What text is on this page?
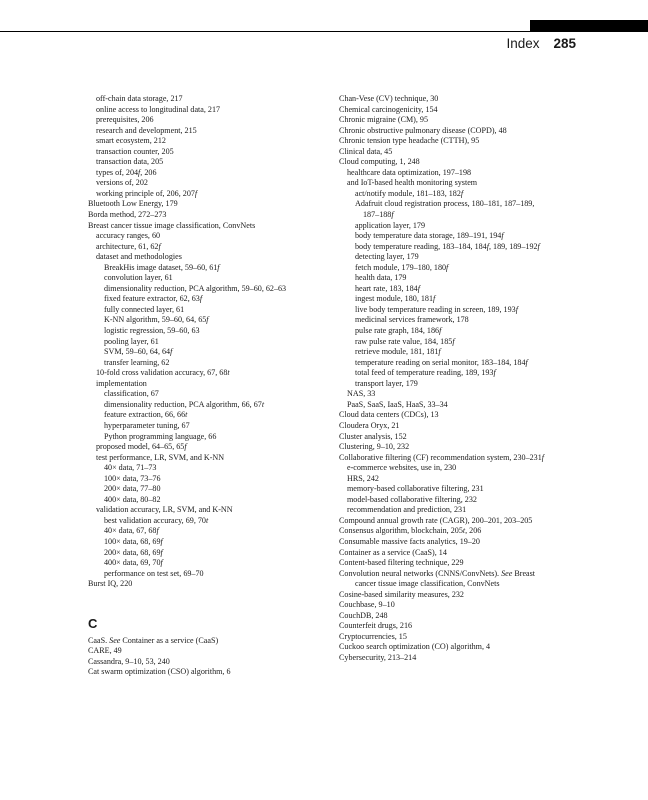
Index 285
off-chain data storage, 217
online access to longitudinal data, 217
prerequisites, 206
research and development, 215
smart ecosystem, 212
transaction counter, 205
transaction data, 205
types of, 204f, 206
versions of, 202
working principle of, 206, 207f
Bluetooth Low Energy, 179
Borda method, 272–273
Breast cancer tissue image classification, ConvNets
accuracy ranges, 60
architecture, 61, 62f
dataset and methodologies
BreakHis image dataset, 59–60, 61f
convolution layer, 61
dimensionality reduction, PCA algorithm, 59–60, 62–63
fixed feature extractor, 62, 63f
fully connected layer, 61
K-NN algorithm, 59–60, 64, 65f
logistic regression, 59–60, 63
pooling layer, 61
SVM, 59–60, 64, 64f
transfer learning, 62
10-fold cross validation accuracy, 67, 68t
implementation
classification, 67
dimensionality reduction, PCA algorithm, 66, 67t
feature extraction, 66, 66t
hyperparameter tuning, 67
Python programming language, 66
proposed model, 64–65, 65f
test performance, LR, SVM, and K-NN
40× data, 71–73
100× data, 73–76
200× data, 77–80
400× data, 80–82
validation accuracy, LR, SVM, and K-NN
best validation accuracy, 69, 70t
40× data, 67, 68f
100× data, 68, 69f
200× data, 68, 69f
400× data, 69, 70f
performance on test set, 69–70
Burst IQ, 220
C
CaaS. See Container as a service (CaaS)
CARE, 49
Cassandra, 9–10, 53, 240
Cat swarm optimization (CSO) algorithm, 6
Chan-Vese (CV) technique, 30
Chemical carcinogenicity, 154
Chronic migraine (CM), 95
Chronic obstructive pulmonary disease (COPD), 48
Chronic tension type headache (CTTH), 95
Clinical data, 45
Cloud computing, 1, 248
healthcare data optimization, 197–198
and IoT-based health monitoring system
act/notify module, 181–183, 182f
Adafruit cloud registration process, 180–181, 187–189,
187–188f
application layer, 179
body temperature data storage, 189–191, 194f
body temperature reading, 183–184, 184f, 189, 189–192f
detecting layer, 179
fetch module, 179–180, 180f
health data, 179
heart rate, 183, 184f
ingest module, 180, 181f
live body temperature reading in screen, 189, 193f
medicinal services framework, 178
pulse rate graph, 184, 186f
raw pulse rate value, 184, 185f
retrieve module, 181, 181f
temperature reading on serial monitor, 183–184, 184f
total feed of temperature reading, 189, 193f
transport layer, 179
NAS, 33
PaaS, SaaS, IaaS, HaaS, 33–34
Cloud data centers (CDCs), 13
Cloudera Oryx, 21
Cluster analysis, 152
Clustering, 9–10, 232
Collaborative filtering (CF) recommendation system, 230–231f
e-commerce websites, use in, 230
HRS, 242
memory-based collaborative filtering, 231
model-based collaborative filtering, 232
recommendation and prediction, 231
Compound annual growth rate (CAGR), 200–201, 203–205
Consensus algorithm, blockchain, 205t, 206
Consumable massive facts analytics, 19–20
Container as a service (CaaS), 14
Content-based filtering technique, 229
Convolution neural networks (CNNS/ConvNets). See Breast
cancer tissue image classification, ConvNets
Cosine-based similarity measures, 232
Couchbase, 9–10
CouchDB, 248
Counterfeit drugs, 216
Cryptocurrencies, 15
Cuckoo search optimization (CO) algorithm, 4
Cybersecurity, 213–214
